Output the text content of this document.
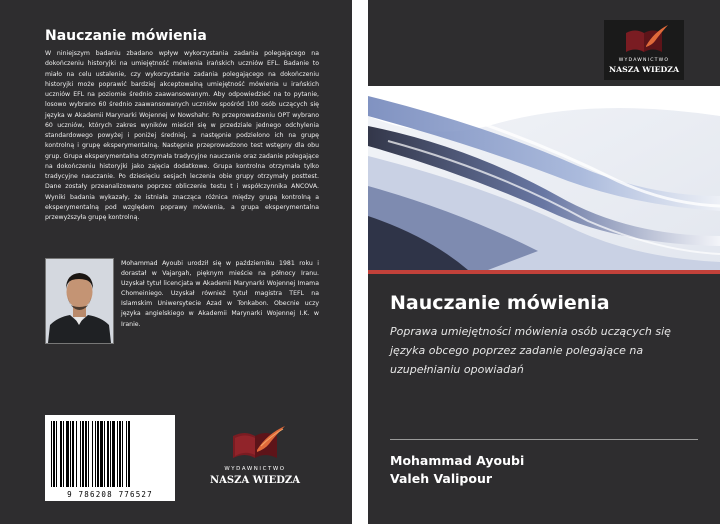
Nauczanie mówienia

W niniejszym badaniu zbadano wpływ wykorzystania zadania polegającego na dokończeniu historyjki na umiejętność mówienia irańskich uczniów EFL. Badanie to miało na celu ustalenie, czy wykorzystanie zadania polegającego na dokończeniu historyjki może poprawić bardziej akceptowalną umiejętność mówienia u irańskich uczniów EFL na poziomie średnio zaawansowanym. Aby odpowiedzieć na to pytanie, losowo wybrano 60 średnio zaawansowanych uczniów spośród 100 osób uczących się języka w Akademii Marynarki Wojennej w Nowshahr. Po przeprowadzeniu OPT wybrano 60 uczniów, których zakres wyników mieścił się w przedziale jednego odchylenia standardowego powyżej i poniżej średniej, a następnie podzielono ich na grupę kontrolną i grupę eksperymentalną. Następnie przeprowadzono test wstępny dla obu grup. Grupa eksperymentalna otrzymała tradycyjne nauczanie oraz zadanie polegające na dokończeniu historyjki jako zajęcia dodatkowe. Grupa kontrolna otrzymała tylko tradycyjne nauczanie. Po dziesięciu sesjach leczenia obie grupy otrzymały posttest. Dane zostały przeanalizowane poprzez obliczenie testu t i współczynnika ANCOVA. Wyniki badania wykazały, że istniała znacząca różnica między grupą kontrolną a eksperymentalną pod względem poprawy mówienia, a grupa eksperymentalna przewyższyła grupę kontrolną.

Mohammad Ayoubi urodził się w październiku 1981 roku i dorastał w Vajargah, pięknym mieście na północy Iranu. Uzyskał tytuł licencjata w Akademii Marynarki Wojennej Imama Chomeiniego. Uzyskał również tytuł magistra TEFL na Islamskim Uniwersytecie Azad w Tonkabon. Obecnie uczy języka angielskiego w Akademii Marynarki Wojennej I.K. w Iranie.

9 786208 776527
WYDAWNICTWO
NASZA WIEDZA
WYDAWNICTWO
NASZA WIEDZA
Nauczanie mówienia

Poprawa umiejętności mówienia osób uczących się języka obcego poprzez zadanie polegające na uzupełnianiu opowiadań

Mohammad Ayoubi

Valeh Valipour
